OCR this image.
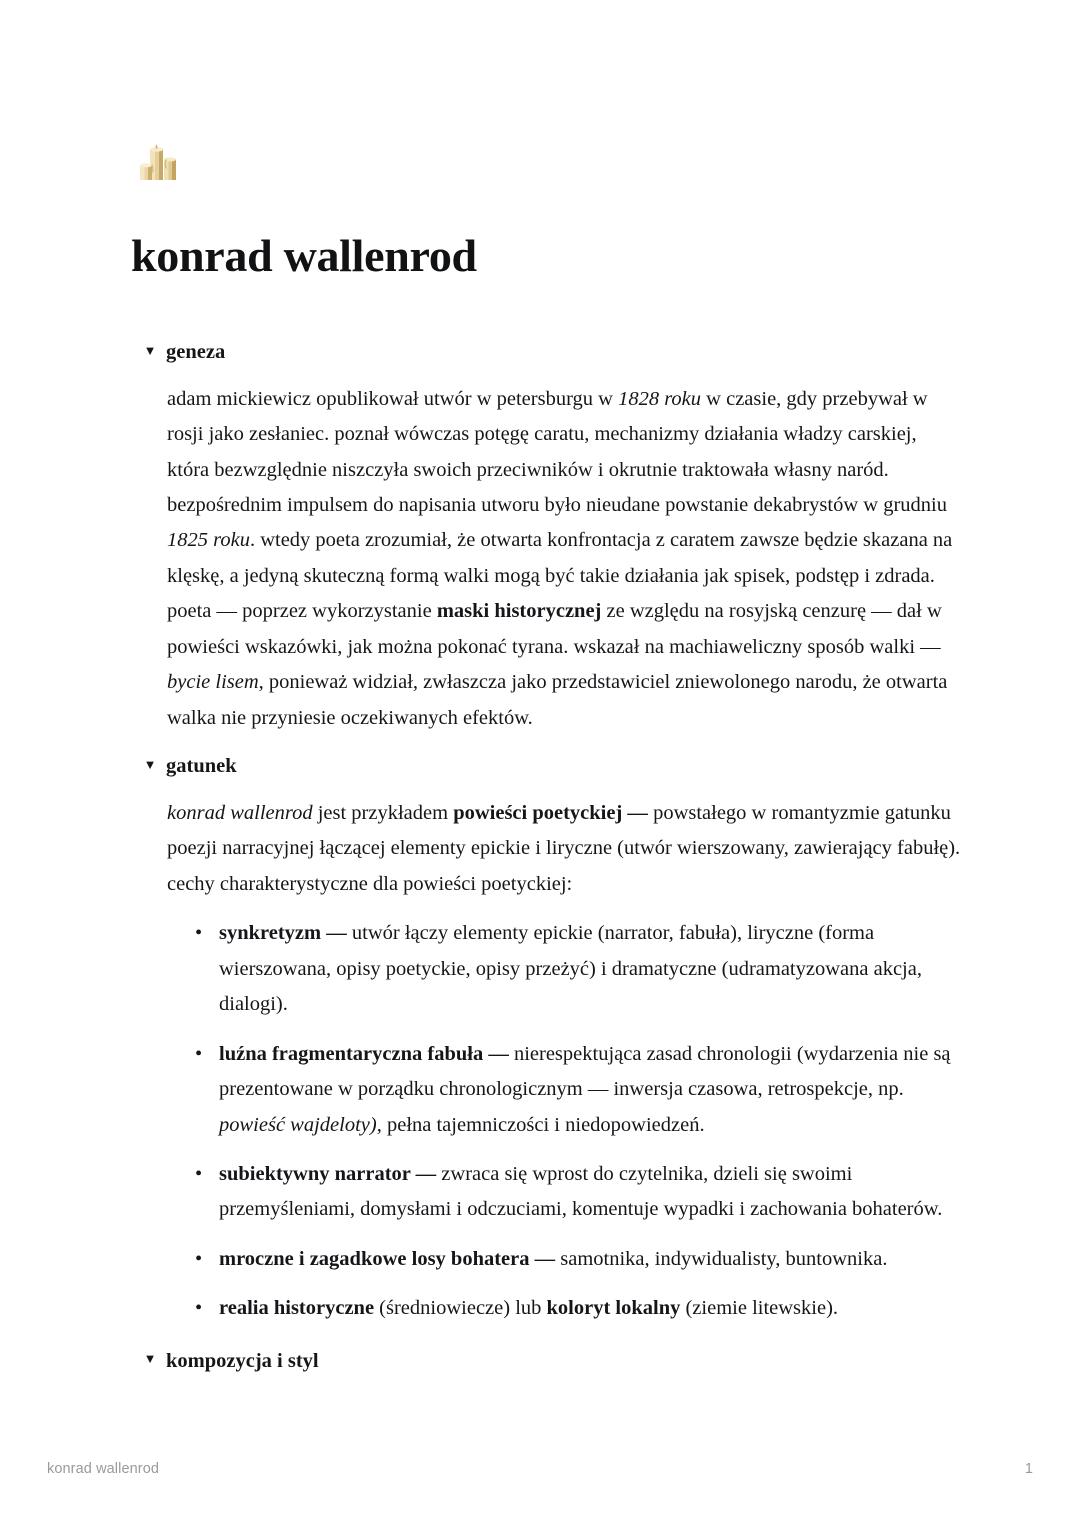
konrad wallenrod
▼ geneza

adam mickiewicz opublikował utwór w petersburgu w 1828 roku w czasie, gdy przebywał w rosji jako zesłaniec. poznał wówczas potęgę caratu, mechanizmy działania władzy carskiej, która bezwzględnie niszczyła swoich przeciwników i okrutnie traktowała własny naród. bezpośrednim impulsem do napisania utworu było nieudane powstanie dekabrystów w grudniu 1825 roku. wtedy poeta zrozumiał, że otwarta konfrontacja z caratem zawsze będzie skazana na klęskę, a jedyną skuteczną formą walki mogą być takie działania jak spisek, podstęp i zdrada. poeta — poprzez wykorzystanie maski historycznej ze względu na rosyjską cenzurę — dał w powieści wskazówki, jak można pokonać tyrana. wskazał na machiaweliczny sposób walki — bycie lisem, ponieważ widział, zwłaszcza jako przedstawiciel zniewolonego narodu, że otwarta walka nie przyniesie oczekiwanych efektów.

▼ gatunek

konrad wallenrod jest przykładem powieści poetyckiej — powstałego w romantyzmie gatunku poezji narracyjnej łączącej elementy epickie i liryczne (utwór wierszowany, zawierający fabułę). cechy charakterystyczne dla powieści poetyckiej:

• synkretyzm — utwór łączy elementy epickie (narrator, fabuła), liryczne (forma wierszowana, opisy poetyckie, opisy przeżyć) i dramatyczne (udramatyzowana akcja, dialogi).
• luźna fragmentaryczna fabuła — nierespektująca zasad chronologii (wydarzenia nie są prezentowane w porządku chronologicznym — inwersja czasowa, retrospekcje, np. powieść wajdeloty), pełna tajemniczości i niedopowiedzeń.
• subiektywny narrator — zwraca się wprost do czytelnika, dzieli się swoimi przemyśleniami, domysłami i odczuciami, komentuje wypadki i zachowania bohaterów.
• mroczne i zagadkowe losy bohatera — samotnika, indywidualisty, buntownika.
• realia historyczne (średniowiecze) lub koloryt lokalny (ziemie litewskie).
▼ kompozycja i styl
konrad wallenrod	1
